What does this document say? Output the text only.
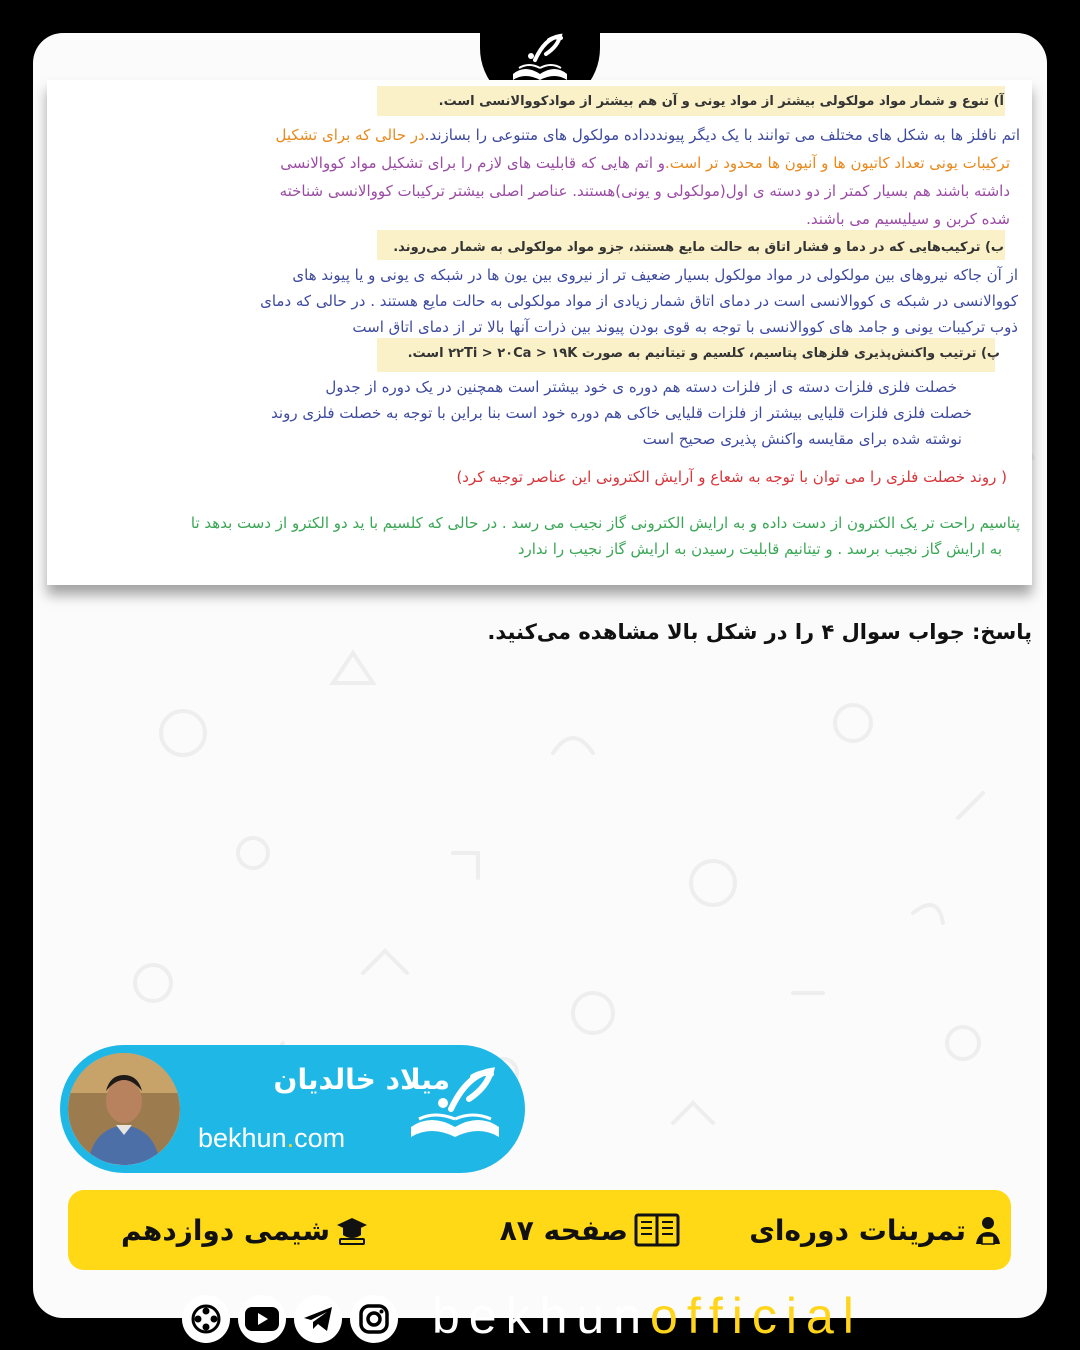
آ) تنوع و شمار مواد مولکولی بیشتر از مواد یونی و آن هم بیشتر از موادکووالانسی است.

اتم نافلز ها به شکل های مختلف می توانند با یک دیگر پیونددداده مولکول های متنوعی را بسازند.در حالی که برای تشکیل

ترکیبات یونی تعداد کاتیون ها و آنیون ها محدود تر است.و اتم هایی که قابلیت های لازم را برای تشکیل مواد کووالانسی

داشته باشند هم بسیار کمتر از دو دسته ی اول(مولکولی و یونی)هستند. عناصر اصلی بیشتر ترکیبات کووالانسی شناخته

شده کربن و سیلیسیم می باشند.

ب) ترکیب‌هایی که در دما و فشار اتاق به حالت مایع هستند، جزو مواد مولکولی به شمار می‌روند.

از آن جاکه نیروهای بین مولکولی در مواد مولکول بسیار ضعیف تر از نیروی بین یون ها در شبکه ی یونی و یا پیوند های

کووالانسی در شبکه ی کووالانسی است در دمای اتاق شمار زیادی از مواد مولکولی به حالت مایع هستند . در حالی که دمای

ذوب ترکیبات یونی و جامد های کووالانسی با توجه به قوی بودن پیوند بین ذرات آنها بالا تر از دمای اتاق است

پ) ترتیب واکنش‌پذیری فلزهای پتاسیم، کلسیم و تیتانیم به صورت ۲۲Ti > ۲۰Ca > ۱۹K است.

خصلت فلزی فلزات دسته ی از فلزات دسته هم دوره ی خود بیشتر است همچنین در یک دوره از جدول

خصلت فلزی فلزات قلیایی بیشتر از فلزات قلیایی خاکی هم دوره خود است بنا براین با توجه به خصلت فلزی روند

نوشته شده برای مقایسه واکنش پذیری صحیح است

( روند خصلت فلزی را می توان با توجه به شعاع و آرایش الکترونی این عناصر توجیه کرد)

پتاسیم راحت تر یک الکترون از دست داده و به ارایش الکترونی گاز نجیب می رسد . در حالی که کلسیم با ید دو الکترو از دست بدهد تا

به ارایش گاز نجیب برسد . و تیتانیم قابلیت رسیدن به ارایش گاز نجیب را ندارد

پاسخ: جواب سوال ۴ را در شکل بالا مشاهده می‌کنید.

میلاد خالدیان

bekhun.com

شیمی دوازدهم	صفحه ۸۷	تمرینات دوره‌ای

bekhunofficial
